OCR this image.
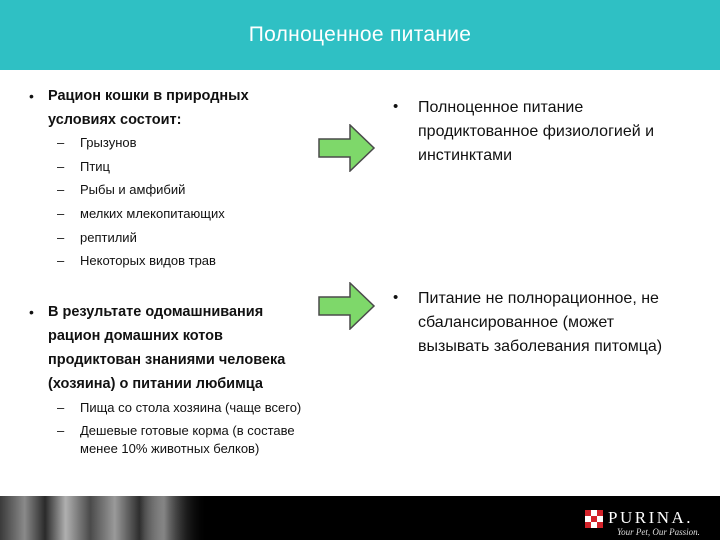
Полноценное питание
• Рацион кошки в природных
условиях состоит:
– Грызунов
– Птиц
– Рыбы и амфибий
– мелких млекопитающих
– рептилий
– Некоторых видов трав
• В результате одомашнивания
рацион домашних котов
продиктован знаниями человека
(хозяина) о питании любимца
– Пища со стола хозяина (чаще всего)
– Дешевые готовые корма (в составе
менее 10% животных белков)
• Полноценное питание
продиктованное физиологией и
инстинктами
• Питание не полнорационное, не
сбалансированное (может
вызывать заболевания питомца)
PURINA.
Your Pet, Our Passion.
